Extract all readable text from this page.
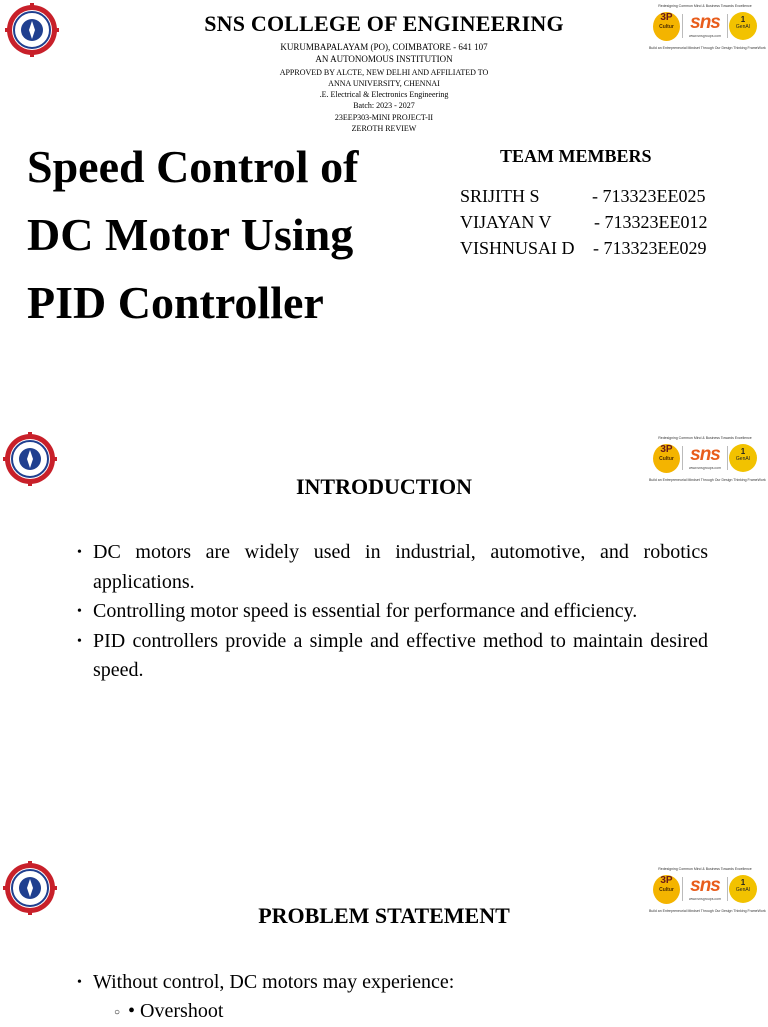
SNS COLLEGE OF ENGINEERING
KURUMBAPALAYAM (PO), COIMBATORE - 641 107
AN AUTONOMOUS INSTITUTION
APPROVED BY ALCTE, NEW DELHI AND AFFILIATED TO
ANNA UNIVERSITY, CHENNAI
.E. Electrical & Electronics Engineering
Batch: 2023 - 2027
23EEP303-MINI PROJECT-II
ZEROTH REVIEW
Redesigning Common Mind & Business Towards Excellence
3P
Cultur sns
www.snsgroups.com
1
GenAI
Build an Entrepreneurial Mindset Through Our Design Thinking FrameWork
Speed Control of
DC Motor Using
PID Controller
TEAM MEMBERS
SRIJITH S	- 713323EE025
VIJAYAN V - 713323EE012
VISHNUSAI D - 713323EE029
Redesigning Common Mind & Business Towards Excellence
3P
Cultur sns
www.snsgroups.com
1
GenAI
Build an Entrepreneurial Mindset Through Our Design Thinking FrameWork
INTRODUCTION
• DC motors are widely used in industrial, automotive, and robotics applications.
• Controlling motor speed is essential for performance and efficiency.
• PID controllers provide a simple and effective method to maintain desired speed.
Redesigning Common Mind & Business Towards Excellence
3P
Cultur sns
www.snsgroups.com
1
GenAI
Build an Entrepreneurial Mindset Through Our Design Thinking FrameWork
PROBLEM STATEMENT
• Without control, DC motors may experience:
○ • Overshoot
